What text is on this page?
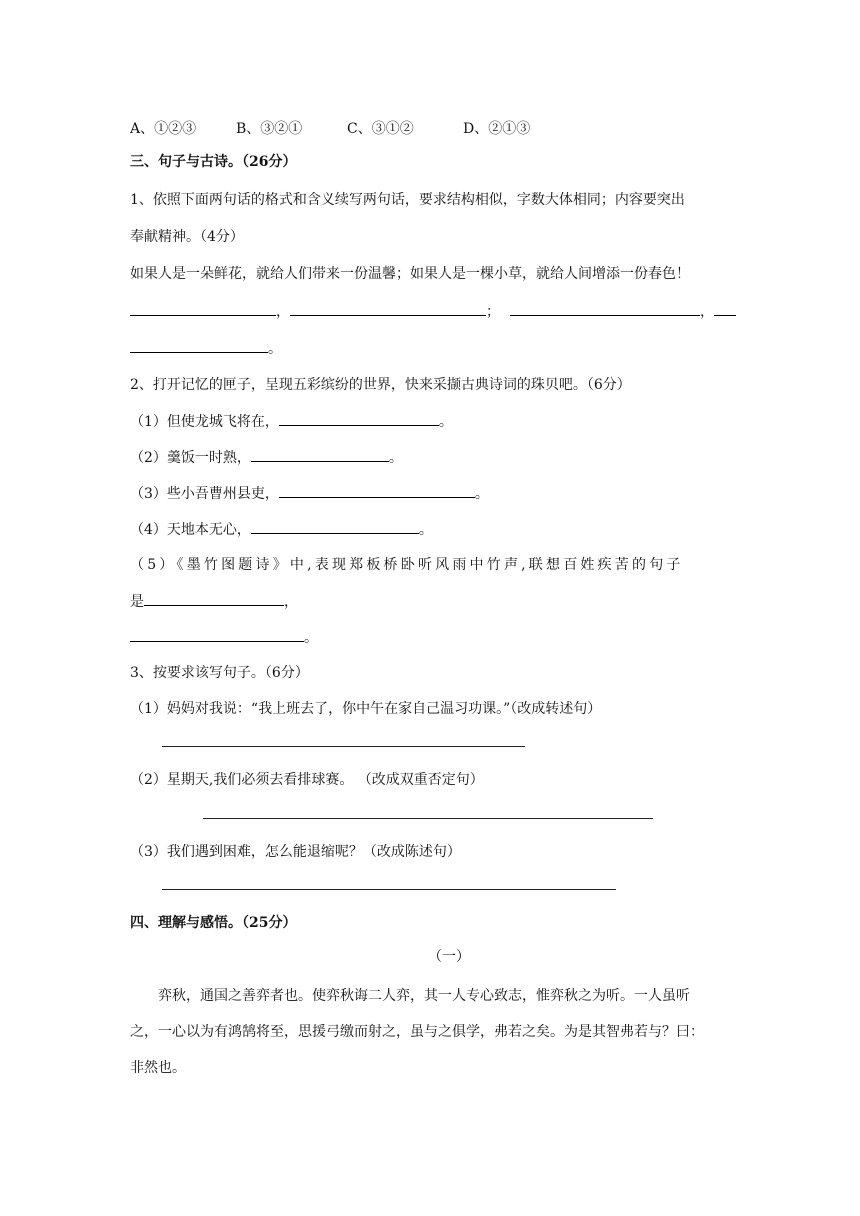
A、①②③	B、③②①	C、③①②	D、②①③
三、句子与古诗。（26分）
1、依照下面两句话的格式和含义续写两句话，要求结构相似，字数大体相同；内容要突出
奉献精神。（4分）
如果人是一朵鲜花，就给人们带来一份温馨；如果人是一棵小草，就给人间增添一份春色！
，	；	，
。
2、打开记忆的匣子，呈现五彩缤纷的世界，快来采撷古典诗词的珠贝吧。（6分）
（1）但使龙城飞将在，	。
（2）羹饭一时熟，	。
（3）些小吾曹州县吏，	。
（4）天地本无心，	。
（5）《墨竹图题诗》中,表现郑板桥卧听风雨中竹声,联想百姓疾苦的句子
是	，
。
3、按要求该写句子。（6分）
（1）妈妈对我说：“我上班去了，你中午在家自己温习功课。”（改成转述句）
（2）星期天,我们必须去看排球赛。 （改成双重否定句）
（3）我们遇到困难，怎么能退缩呢？（改成陈述句）
四、理解与感悟。（25分）
（一）
弈秋，通国之善弈者也。使弈秋诲二人弈，其一人专心致志，惟弈秋之为听。一人虽听
之，一心以为有鸿鹄将至，思援弓缴而射之，虽与之俱学，弗若之矣。为是其智弗若与？曰：
非然也。
